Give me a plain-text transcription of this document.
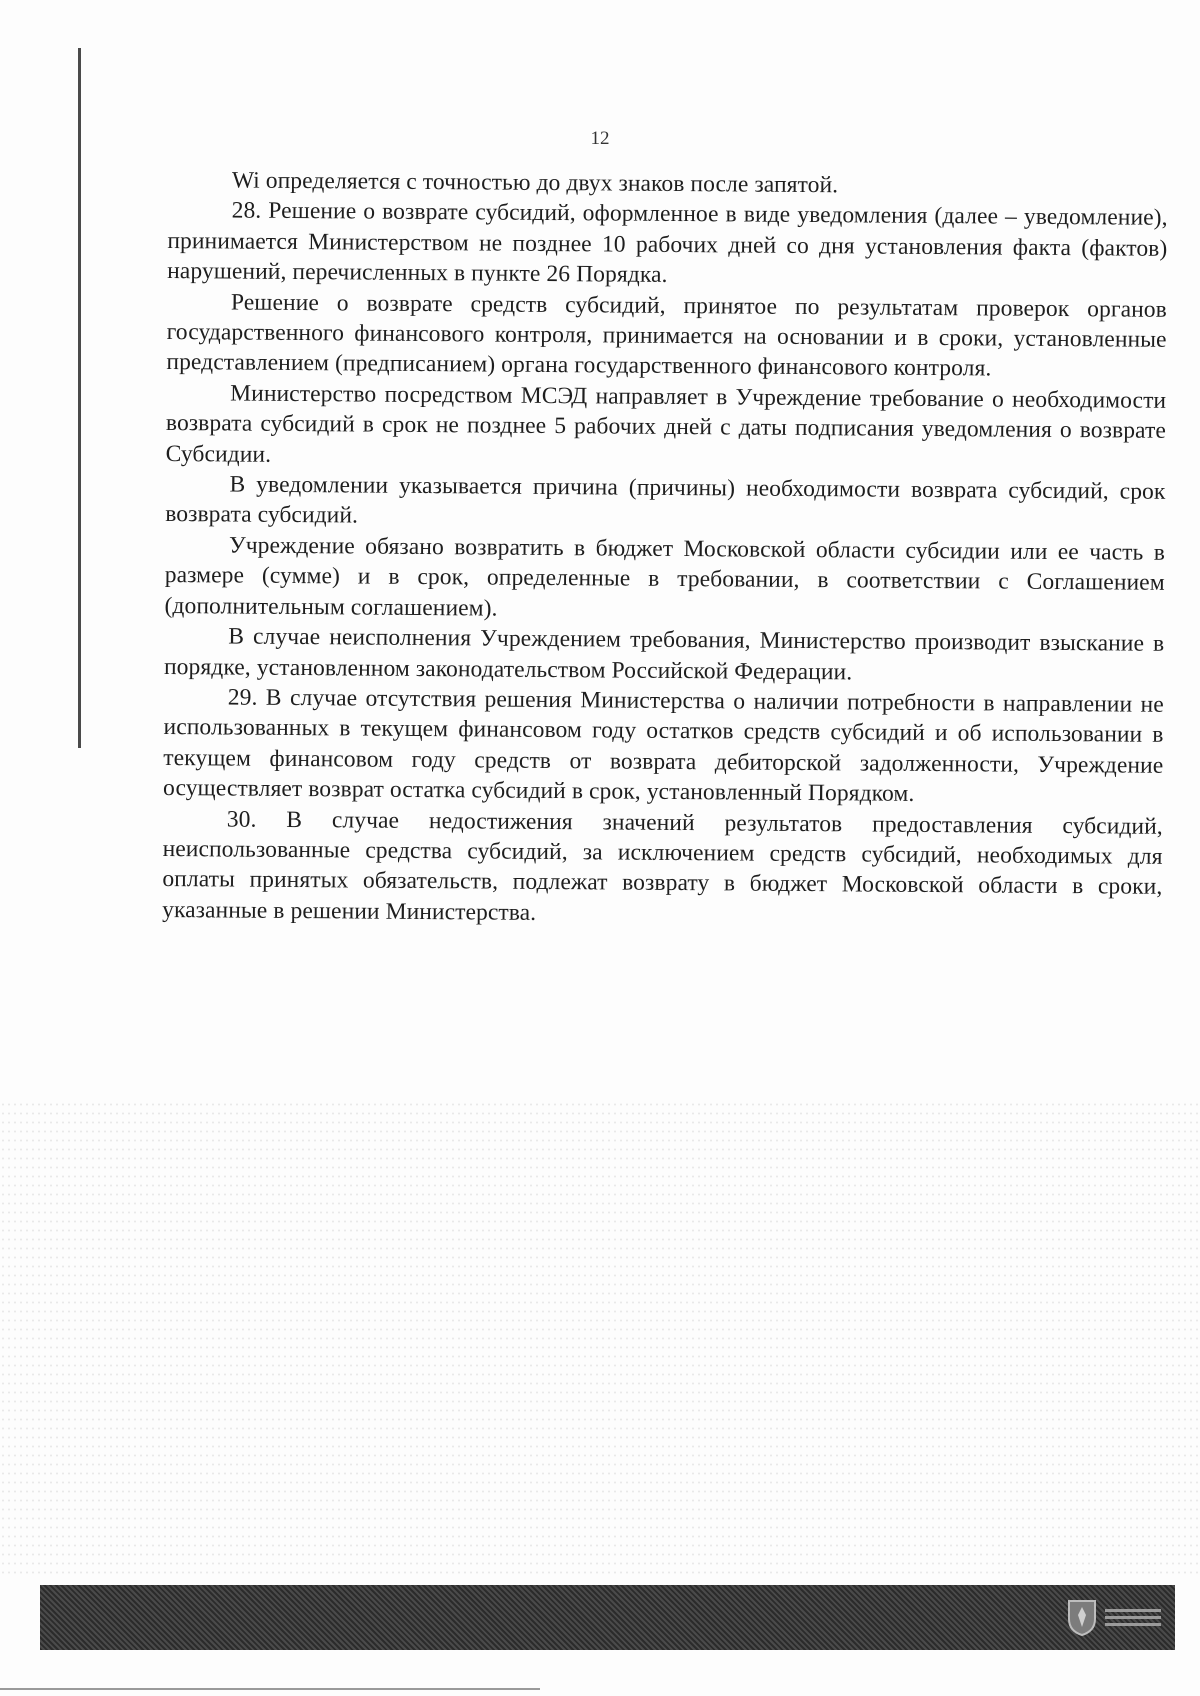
12

Wi определяется с точностью до двух знаков после запятой.

28. Решение о возврате субсидий, оформленное в виде уведомления (далее – уведомление), принимается Министерством не позднее 10 рабочих дней со дня установления факта (фактов) нарушений, перечисленных в пункте 26 Порядка.

Решение о возврате средств субсидий, принятое по результатам проверок органов государственного финансового контроля, принимается на основании и в сроки, установленные представлением (предписанием) органа государственного финансового контроля.

Министерство посредством МСЭД направляет в Учреждение требование о необходимости возврата субсидий в срок не позднее 5 рабочих дней с даты подписания уведомления о возврате Субсидии.

В уведомлении указывается причина (причины) необходимости возврата субсидий, срок возврата субсидий.

Учреждение обязано возвратить в бюджет Московской области субсидии или ее часть в размере (сумме) и в срок, определенные в требовании, в соответствии с Соглашением (дополнительным соглашением).

В случае неисполнения Учреждением требования, Министерство производит взыскание в порядке, установленном законодательством Российской Федерации.

29. В случае отсутствия решения Министерства о наличии потребности в направлении не использованных в текущем финансовом году остатков средств субсидий и об использовании в текущем финансовом году средств от возврата дебиторской задолженности, Учреждение осуществляет возврат остатка субсидий в срок, установленный Порядком.

30. В случае недостижения значений результатов предоставления субсидий, неиспользованные средства субсидий, за исключением средств субсидий, необходимых для оплаты принятых обязательств, подлежат возврату в бюджет Московской области в сроки, указанные в решении Министерства.
